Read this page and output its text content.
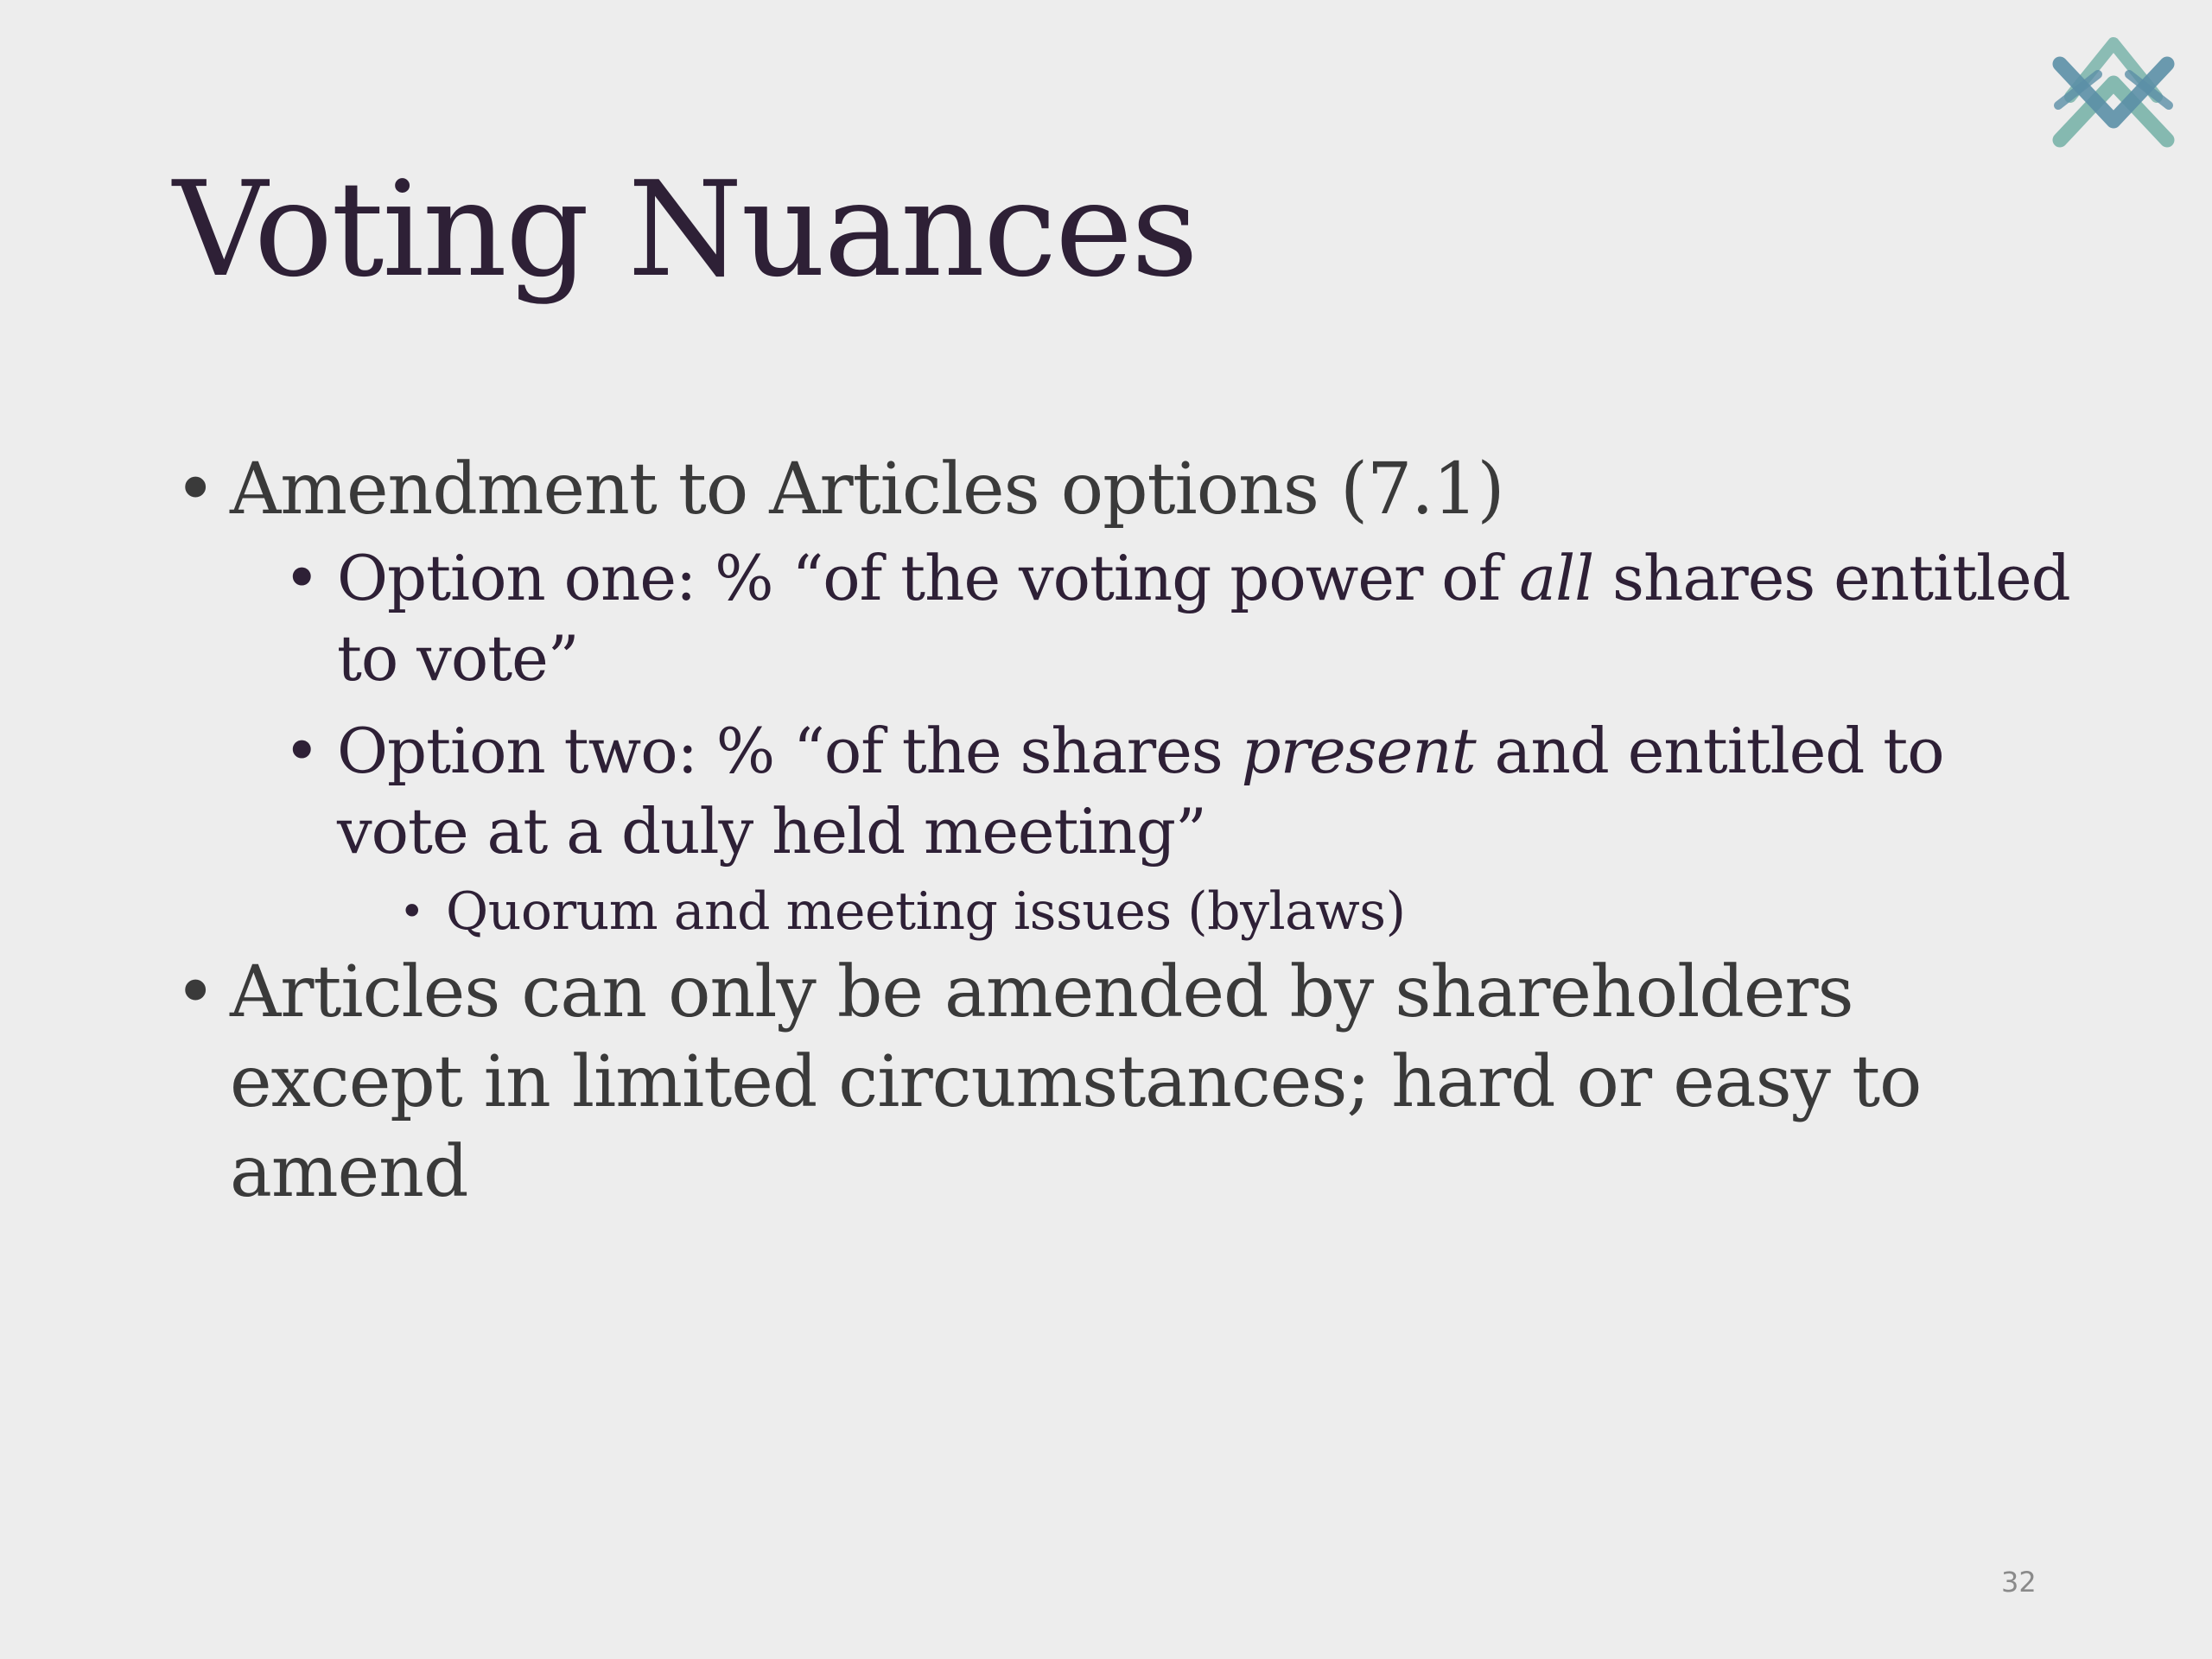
Voting Nuances
• Amendment to Articles options (7.1)
• Option one: % “of the voting power of all shares entitled to vote”
• Option two: % “of the shares present and entitled to vote at a duly held meeting”
• Quorum and meeting issues (bylaws)
• Articles can only be amended by shareholders except in limited circumstances; hard or easy to amend
32
